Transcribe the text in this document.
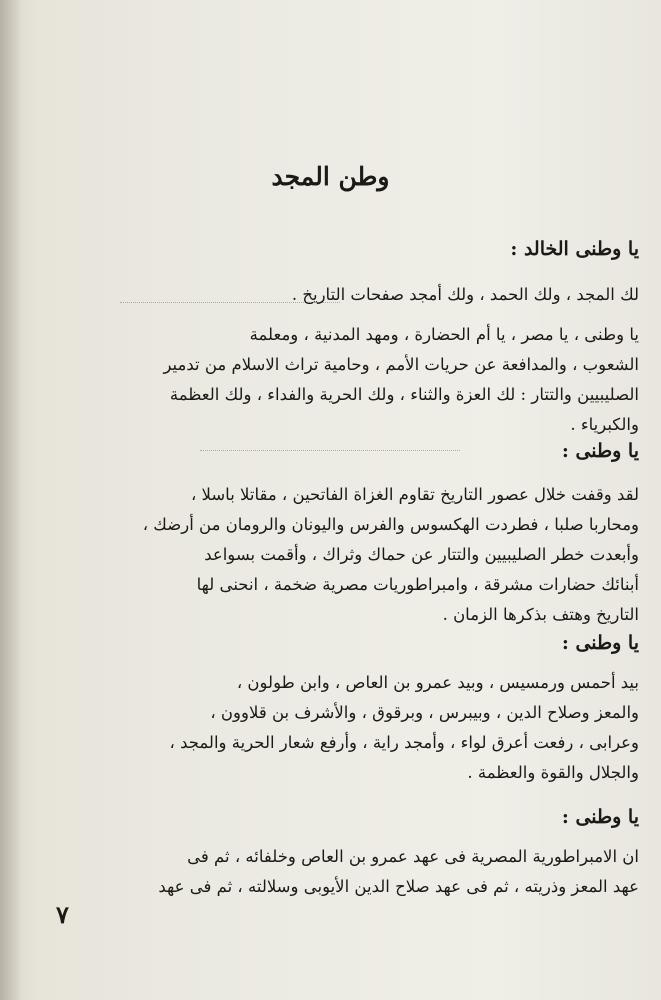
وطن المجد
يا وطنى الخالد :
لك المجد ، ولك الحمد ، ولك أمجد صفحات التاريخ .
يا وطنى ، يا مصر ، يا أم الحضارة ، ومهد المدنية ، ومعلمة
الشعوب ، والمدافعة عن حريات الأمم ، وحامية تراث الاسلام من تدمير
الصليبيين والتتار : لك العزة والثناء ، ولك الحرية والفداء ، ولك العظمة
والكبرياء .
يا وطنى :
لقد وقفت خلال عصور التاريخ تقاوم الغزاة الفاتحين ، مقاتلا باسلا ،
ومحاربا صلبا ، فطردت الهكسوس والفرس واليونان والرومان من أرضك ،
وأبعدت خطر الصليبيين والتتار عن حماك وثراك ، وأقمت بسواعد
أبنائك حضارات مشرقة ، وامبراطوريات مصرية ضخمة ، انحنى لها
التاريخ وهتف بذكرها الزمان .
يا وطنى :
بيد أحمس ورمسيس ، وبيد عمرو بن العاص ، وابن طولون ،
والمعز وصلاح الدين ، وبيبرس ، وبرقوق ، والأشرف بن قلاوون ،
وعرابى ، رفعت أعرق لواء ، وأمجد راية ، وأرفع شعار الحرية والمجد ،
والجلال والقوة والعظمة .
يا وطنى :
ان الامبراطورية المصرية فى عهد عمرو بن العاص وخلفائه ، ثم فى
عهد المعز وذريته ، ثم فى عهد صلاح الدين الأيوبى وسلالته ، ثم فى عهد
٧
